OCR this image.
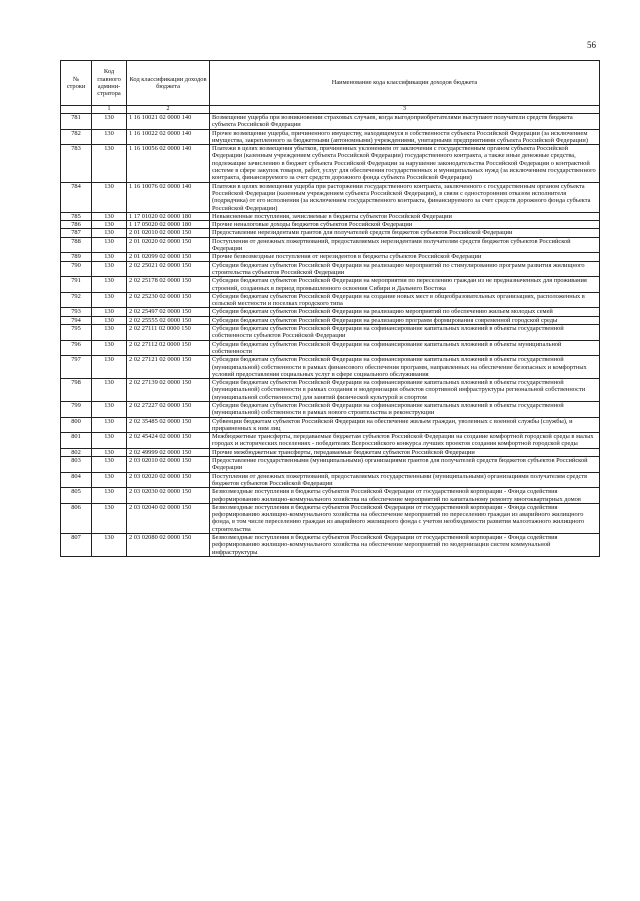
56
№ строки	Код главного админи-стратора	Код классификации доходов бюджета	Наименование кода классификации доходов бюджета
	1	2	3
781	130	1 16 10021 02 0000 140	Возмещение ущерба при возникновении страховых случаев, когда выгодоприобретателями выступают получатели средств бюджета субъекта Российской Федерации
782	130	1 16 10022 02 0000 140	Прочее возмещение ущерба, причиненного имуществу, находящемуся в собственности субъекта Российской Федерации (за исключением имущества, закрепленного за бюджетными (автономными) учреждениями, унитарными предприятиями субъекта Российской Федерации)
783	130	1 16 10056 02 0000 140	Платежи в целях возмещения убытков, причиненных уклонением от заключения с государственным органом субъекта Российской Федерации (казенным учреждением субъекта Российской Федерации) государственного контракта, а также иные денежные средства, подлежащие зачислению в бюджет субъекта Российской Федерации за нарушение законодательства Российской Федерации о контрактной системе в сфере закупок товаров, работ, услуг для обеспечения государственных и муниципальных нужд (за исключением государственного контракта, финансируемого за счет средств дорожного фонда субъекта Российской Федерации)
784	130	1 16 10076 02 0000 140	Платежи в целях возмещения ущерба при расторжении государственного контракта, заключенного с государственным органом субъекта Российской Федерации (казенным учреждением субъекта Российской Федерации), в связи с односторонним отказом исполнителя (подрядчика) от его исполнения (за исключением государственного контракта, финансируемого за счет средств дорожного фонда субъекта Российской Федерации)
785	130	1 17 01020 02 0000 180	Невыясненные поступления, зачисляемые в бюджеты субъектов Российской Федерации
786	130	1 17 05020 02 0000 180	Прочие неналоговые доходы бюджетов субъектов Российской Федерации
787	130	2 01 02010 02 0000 150	Предоставление нерезидентами грантов для получателей средств бюджетов субъектов Российской Федерации
788	130	2 01 02020 02 0000 150	Поступления от денежных пожертвований, предоставляемых нерезидентами получателям средств бюджетов субъектов Российской Федерации
789	130	2 01 02099 02 0000 150	Прочие безвозмездные поступления от нерезидентов в бюджеты субъектов Российской Федерации
790	130	2 02 25021 02 0000 150	Субсидии бюджетам субъектов Российской Федерации на реализацию мероприятий по стимулированию программ развития жилищного строительства субъектов Российской Федерации
791	130	2 02 25178 02 0000 150	Субсидии бюджетам субъектов Российской Федерации на мероприятия по переселению граждан из не предназначенных для проживания строений, созданных в период промышленного освоения Сибири и Дальнего Востока
792	130	2 02 25230 02 0000 150	Субсидии бюджетам субъектов Российской Федерации на создание новых мест в общеобразовательных организациях, расположенных в сельской местности и поселках городского типа
793	130	2 02 25497 02 0000 150	Субсидии бюджетам субъектов Российской Федерации на реализацию мероприятий по обеспечению жильем молодых семей
794	130	2 02 25555 02 0000 150	Субсидии бюджетам субъектов Российской Федерации на реализацию программ формирования современной городской среды
795	130	2 02 27111 02 0000 150	Субсидии бюджетам субъектов Российской Федерации на софинансирование капитальных вложений в объекты государственной собственности субъектов Российской Федерации
796	130	2 02 27112 02 0000 150	Субсидии бюджетам субъектов Российской Федерации на софинансирование капитальных вложений в объекты муниципальной собственности
797	130	2 02 27121 02 0000 150	Субсидии бюджетам субъектов Российской Федерации на софинансирование капитальных вложений в объекты государственной (муниципальной) собственности в рамках финансового обеспечения программ, направленных на обеспечение безопасных и комфортных условий предоставления социальных услуг в сфере социального обслуживания
798	130	2 02 27139 02 0000 150	Субсидии бюджетам субъектов Российской Федерации на софинансирование капитальных вложений в объекты государственной (муниципальной) собственности в рамках создания и модернизации объектов спортивной инфраструктуры региональной собственности (муниципальной собственности) для занятий физической культурой и спортом
799	130	2 02 27227 02 0000 150	Субсидии бюджетам субъектов Российской Федерации на софинансирование капитальных вложений в объекты государственной (муниципальной) собственности в рамках нового строительства и реконструкции
800	130	2 02 35485 02 0000 150	Субвенции бюджетам субъектов Российской Федерации на обеспечение жильем граждан, уволенных с военной службы (службы), и приравненных к ним лиц
801	130	2 02 45424 02 0000 150	Межбюджетные трансферты, передаваемые бюджетам субъектов Российской Федерации на создание комфортной городской среды в малых городах и исторических поселениях - победителях Всероссийского конкурса лучших проектов создания комфортной городской среды
802	130	2 02 49999 02 0000 150	Прочие межбюджетные трансферты, передаваемые бюджетам субъектов Российской Федерации
803	130	2 03 02010 02 0000 150	Предоставление государственными (муниципальными) организациями грантов для получателей средств бюджетов субъектов Российской Федерации
804	130	2 03 02020 02 0000 150	Поступления от денежных пожертвований, предоставляемых государственными (муниципальными) организациями получателям средств бюджетов субъектов Российской Федерации
805	130	2 03 02030 02 0000 150	Безвозмездные поступления в бюджеты субъектов Российской Федерации от государственной корпорации - Фонда содействия реформированию жилищно-коммунального хозяйства на обеспечение мероприятий по капитальному ремонту многоквартирных домов
806	130	2 03 02040 02 0000 150	Безвозмездные поступления в бюджеты субъектов Российской Федерации от государственной корпорации - Фонда содействия реформированию жилищно-коммунального хозяйства на обеспечение мероприятий по переселению граждан из аварийного жилищного фонда, в том числе переселению граждан из аварийного жилищного фонда с учетом необходимости развития малоэтажного жилищного строительства
807	130	2 03 02080 02 0000 150	Безвозмездные поступления в бюджеты субъектов Российской Федерации от государственной корпорации - Фонда содействия реформированию жилищно-коммунального хозяйства на обеспечение мероприятий по модернизации систем коммунальной инфраструктуры
